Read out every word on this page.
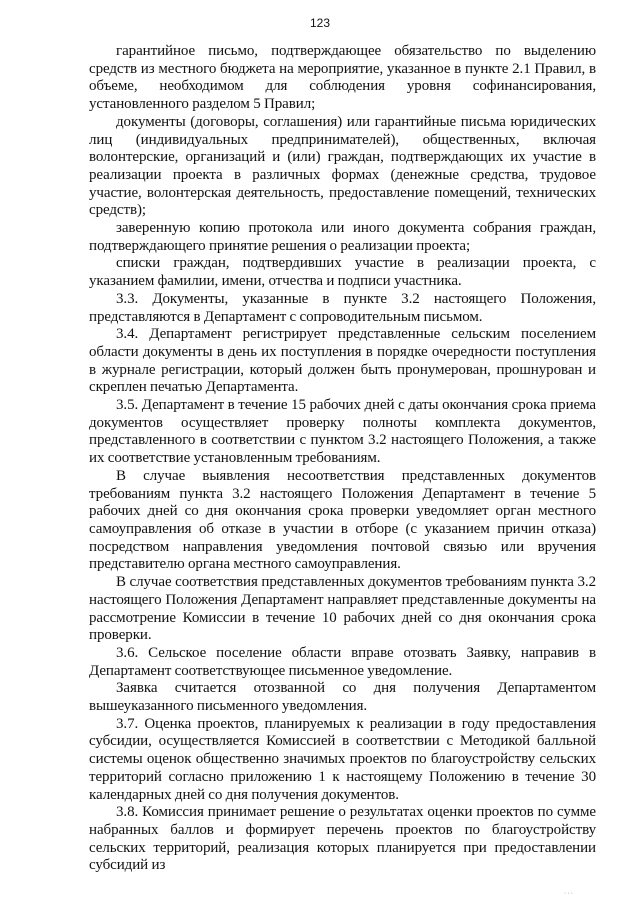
123

гарантийное письмо, подтверждающее обязательство по выделению средств из местного бюджета на мероприятие, указанное в пункте 2.1 Правил, в объеме, необходимом для соблюдения уровня софинансирования, установленного разделом 5 Правил;

документы (договоры, соглашения) или гарантийные письма юридических лиц (индивидуальных предпринимателей), общественных, включая волонтерские, организаций и (или) граждан, подтверждающих их участие в реализации проекта в различных формах (денежные средства, трудовое участие, волонтерская деятельность, предоставление помещений, технических средств);

заверенную копию протокола или иного документа собрания граждан, подтверждающего принятие решения о реализации проекта;

списки граждан, подтвердивших участие в реализации проекта, с указанием фамилии, имени, отчества и подписи участника.

3.3. Документы, указанные в пункте 3.2 настоящего Положения, представляются в Департамент с сопроводительным письмом.

3.4. Департамент регистрирует представленные сельским поселением области документы в день их поступления в порядке очередности поступления в журнале регистрации, который должен быть пронумерован, прошнурован и скреплен печатью Департамента.

3.5. Департамент в течение 15 рабочих дней с даты окончания срока приема документов осуществляет проверку полноты комплекта документов, представленного в соответствии с пунктом 3.2 настоящего Положения, а также их соответствие установленным требованиям.

В случае выявления несоответствия представленных документов требованиям пункта 3.2 настоящего Положения Департамент в течение 5 рабочих дней со дня окончания срока проверки уведомляет орган местного самоуправления об отказе в участии в отборе (с указанием причин отказа) посредством направления уведомления почтовой связью или вручения представителю органа местного самоуправления.

В случае соответствия представленных документов требованиям пункта 3.2 настоящего Положения Департамент направляет представленные документы на рассмотрение Комиссии в течение 10 рабочих дней со дня окончания срока проверки.

3.6. Сельское поселение области вправе отозвать Заявку, направив в Департамент соответствующее письменное уведомление.

Заявка считается отозванной со дня получения Департаментом вышеуказанного письменного уведомления.

3.7. Оценка проектов, планируемых к реализации в году предоставления субсидии, осуществляется Комиссией в соответствии с Методикой балльной системы оценок общественно значимых проектов по благоустройству сельских территорий согласно приложению 1 к настоящему Положению в течение 30 календарных дней со дня получения документов.

3.8. Комиссия принимает решение о результатах оценки проектов по сумме набранных баллов и формирует перечень проектов по благоустройству сельских территорий, реализация которых планируется при предоставлении субсидий из

···
